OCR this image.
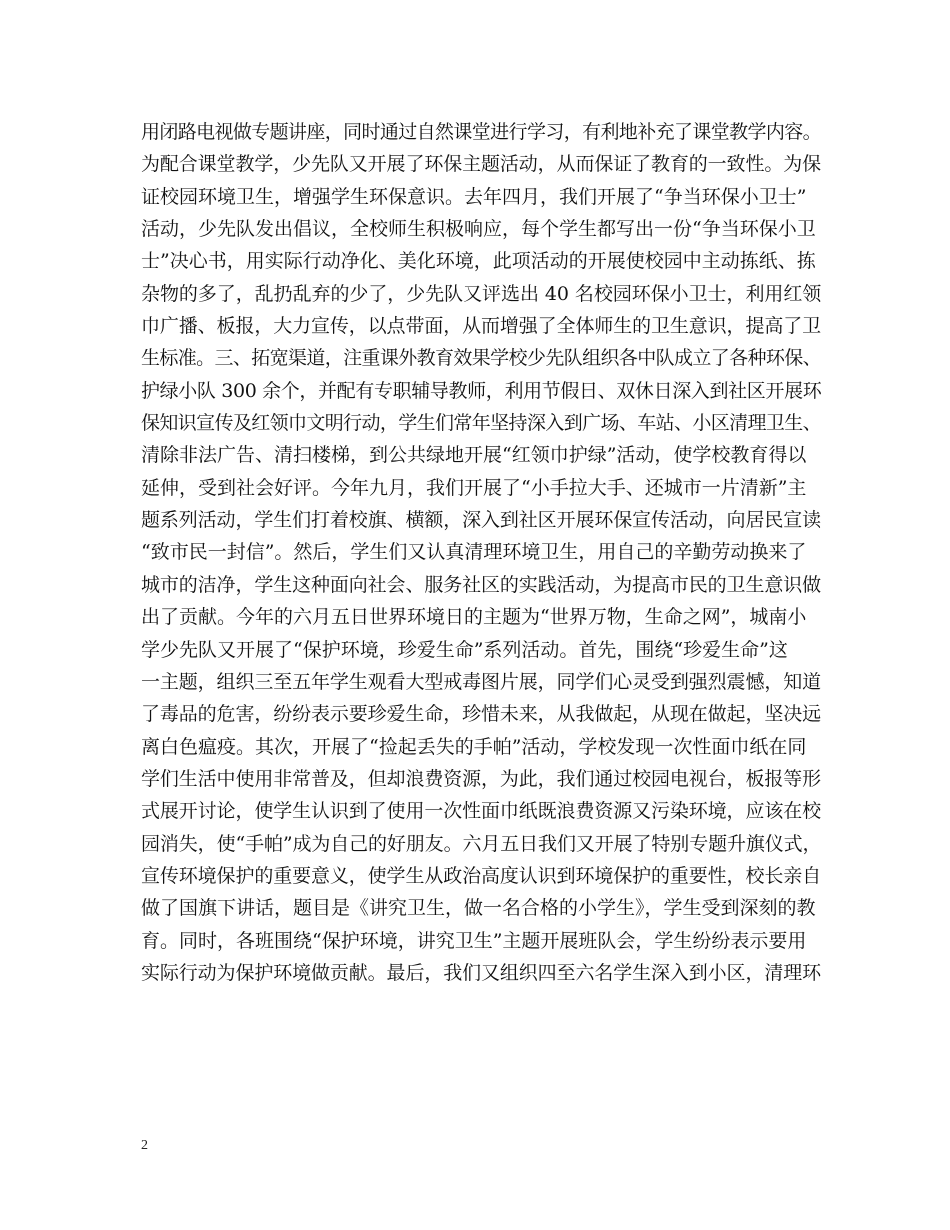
用闭路电视做专题讲座，同时通过自然课堂进行学习，有利地补充了课堂教学内容。
为配合课堂教学，少先队又开展了环保主题活动，从而保证了教育的一致性。为保
证校园环境卫生，增强学生环保意识。去年四月，我们开展了“争当环保小卫士”
活动，少先队发出倡议，全校师生积极响应，每个学生都写出一份“争当环保小卫
士”决心书，用实际行动净化、美化环境，此项活动的开展使校园中主动拣纸、拣
杂物的多了，乱扔乱弃的少了，少先队又评选出 40 名校园环保小卫士，利用红领
巾广播、板报，大力宣传，以点带面，从而增强了全体师生的卫生意识，提高了卫
生标准。三、拓宽渠道，注重课外教育效果学校少先队组织各中队成立了各种环保、
护绿小队 300 余个，并配有专职辅导教师，利用节假日、双休日深入到社区开展环
保知识宣传及红领巾文明行动，学生们常年坚持深入到广场、车站、小区清理卫生、
清除非法广告、清扫楼梯，到公共绿地开展“红领巾护绿”活动，使学校教育得以
延伸，受到社会好评。今年九月，我们开展了“小手拉大手、还城市一片清新”主
题系列活动，学生们打着校旗、横额，深入到社区开展环保宣传活动，向居民宣读
“致市民一封信”。然后，学生们又认真清理环境卫生，用自己的辛勤劳动换来了
城市的洁净，学生这种面向社会、服务社区的实践活动，为提高市民的卫生意识做
出了贡献。今年的六月五日世界环境日的主题为“世界万物，生命之网”，城南小
学少先队又开展了“保护环境，珍爱生命”系列活动。首先，围绕“珍爱生命”这
一主题，组织三至五年学生观看大型戒毒图片展，同学们心灵受到强烈震憾，知道
了毒品的危害，纷纷表示要珍爱生命，珍惜未来，从我做起，从现在做起，坚决远
离白色瘟疫。其次，开展了“捡起丢失的手帕”活动，学校发现一次性面巾纸在同
学们生活中使用非常普及，但却浪费资源，为此，我们通过校园电视台，板报等形
式展开讨论，使学生认识到了使用一次性面巾纸既浪费资源又污染环境，应该在校
园消失，使“手帕”成为自己的好朋友。六月五日我们又开展了特别专题升旗仪式，
宣传环境保护的重要意义，使学生从政治高度认识到环境保护的重要性，校长亲自
做了国旗下讲话，题目是《讲究卫生，做一名合格的小学生》，学生受到深刻的教
育。同时，各班围绕“保护环境，讲究卫生”主题开展班队会，学生纷纷表示要用
实际行动为保护环境做贡献。最后，我们又组织四至六名学生深入到小区，清理环
2
